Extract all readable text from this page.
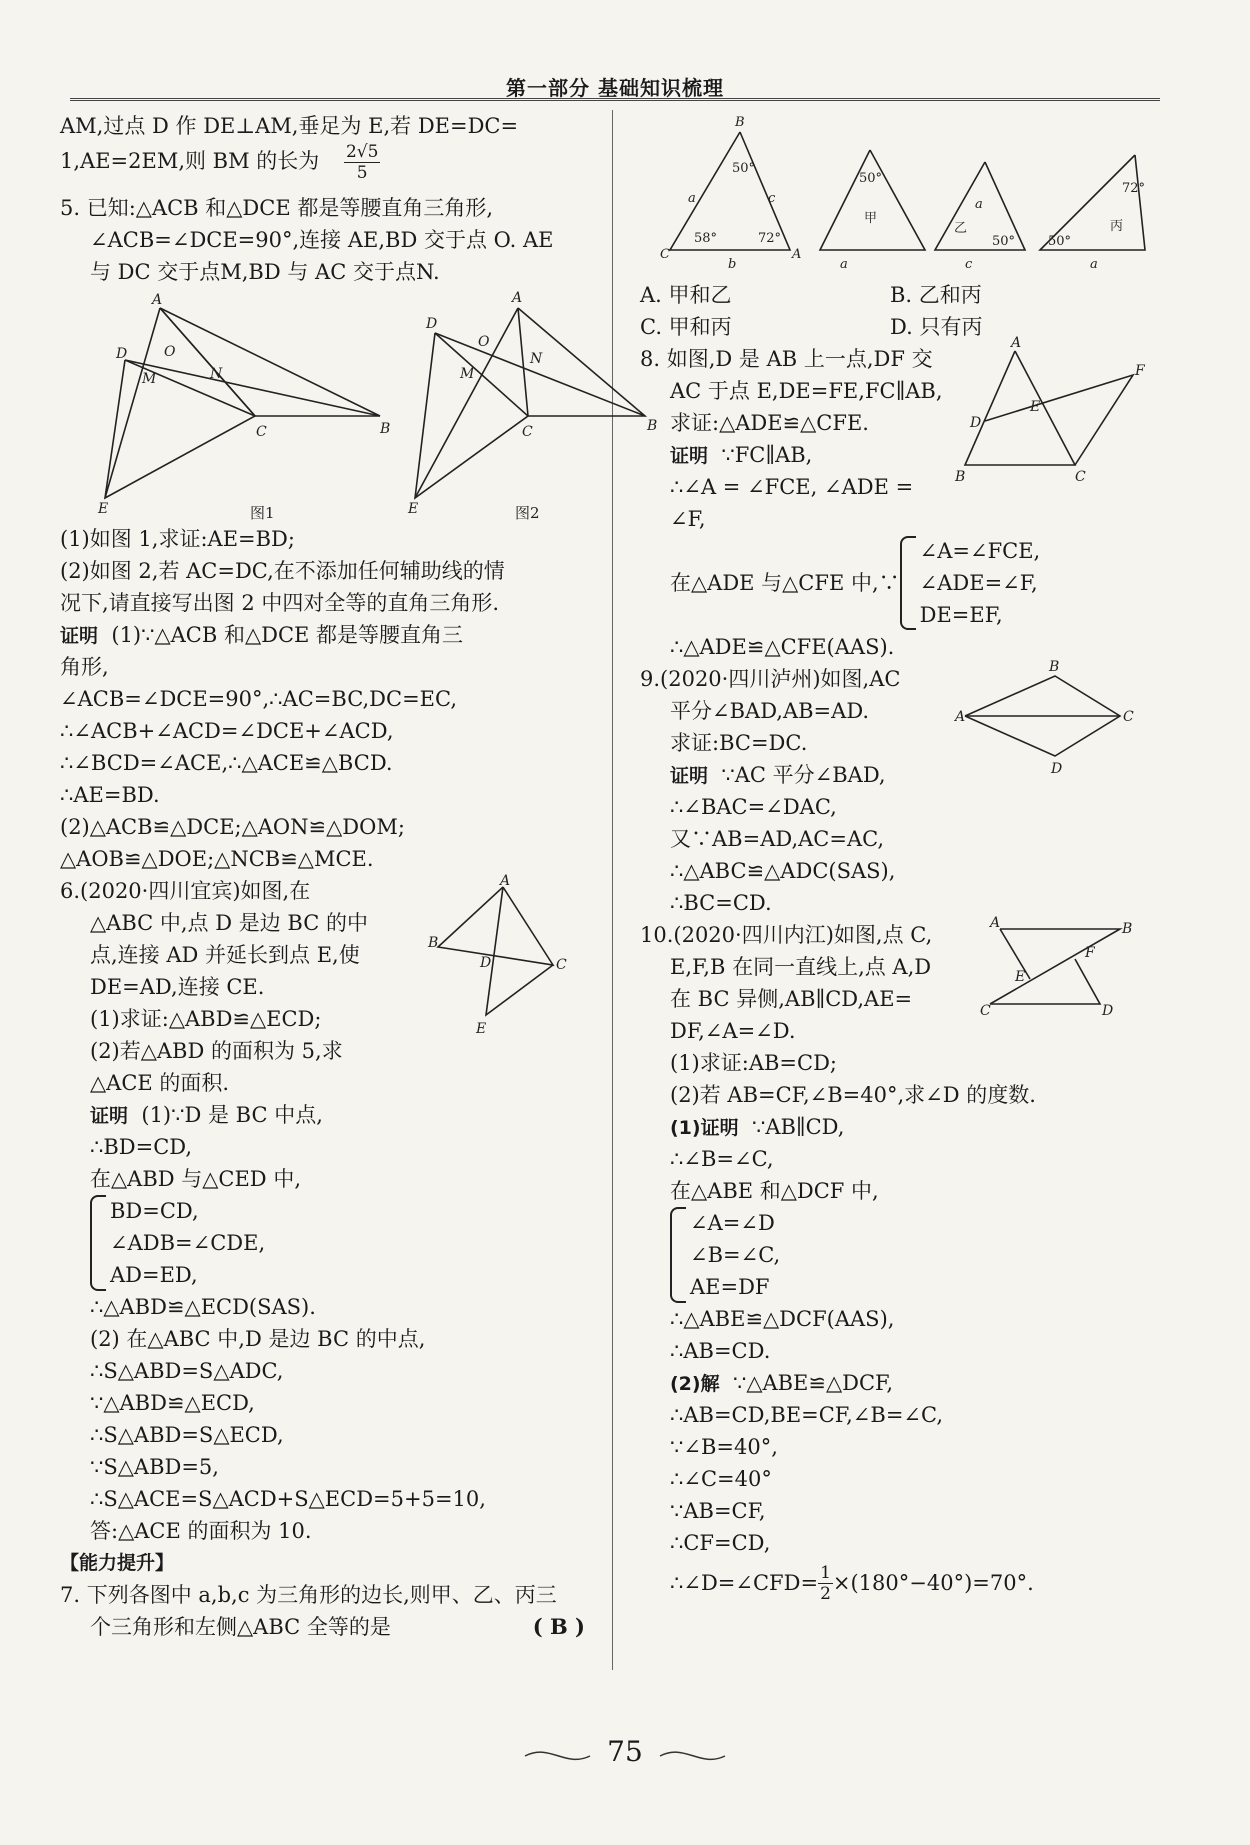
第一部分 基础知识梳理
AM,过点 D 作 DE⊥AM,垂足为 E,若 DE=DC=
1,AE=2EM,则 BM 的长为 $\frac{2√5}{5}$
5. 已知:△ACB 和△DCE 都是等腰直角三角形,
∠ACB=∠DCE=90°,连接 AE,BD 交于点 O. AE
与 DC 交于点M,BD 与 AC 交于点N.
A
D	O
M	N
C	B
E
A
D
O
M
N
C	B
E
图1	图2
(1)如图 1,求证:AE=BD;
(2)如图 2,若 AC=DC,在不添加任何辅助线的情
况下,请直接写出图 2 中四对全等的直角三角形.
证明 (1)∵△ACB 和△DCE 都是等腰直角三
角形,
∠ACB=∠DCE=90°,∴AC=BC,DC=EC,
∴∠ACB+∠ACD=∠DCE+∠ACD,
∴∠BCD=∠ACE,∴△ACE≌△BCD.
∴AE=BD.
(2)△ACB≌△DCE;△AON≌△DOM;
△AOB≌△DOE;△NCB≌△MCE.
A
B
D	C
E
6.(2020·四川宜宾)如图,在
△ABC 中,点 D 是边 BC 的中
点,连接 AD 并延长到点 E,使
DE=AD,连接 CE.
(1)求证:△ABD≌△ECD;
(2)若△ABD 的面积为 5,求
△ACE 的面积.
证明 (1)∵D 是 BC 中点,
∴BD=CD,
在△ABD 与△CED 中,
BD=CD,
∠ADB=∠CDE,
AD=ED,
∴△ABD≌△ECD(SAS).
(2) 在△ABC 中,D 是边 BC 的中点,
∴S△ABD=S△ADC,
∵△ABD≌△ECD,
∴S△ABD=S△ECD,
∵S△ABD=5,
∴S△ACE=S△ACD+S△ECD=5+5=10,
答:△ACE 的面积为 10.
【能力提升】
7. 下列各图中 a,b,c 为三角形的边长,则甲、乙、丙三
个三角形和左侧△ABC 全等的是	( B )
B
C	A
a	c
b	a	c
a
a
50°
58°	72°
50°
甲
乙
50°
72°
50°
丙
A. 甲和乙	B. 乙和丙
C. 甲和丙	D. 只有丙
A
F
E
D
B	C
8. 如图,D 是 AB 上一点,DF 交
AC 于点 E,DE=FE,FC∥AB,
求证:△ADE≌△CFE.
证明 ∵FC∥AB,
∴∠A = ∠FCE, ∠ADE =
∠F,
在△ADE 与△CFE 中,∵
∠A=∠FCE,
∠ADE=∠F,
DE=EF,
∴△ADE≌△CFE(AAS).
B
A	C
D
9.(2020·四川泸州)如图,AC
平分∠BAD,AB=AD.
求证:BC=DC.
证明 ∵AC 平分∠BAD,
∴∠BAC=∠DAC,
又∵AB=AD,AC=AC,
∴△ABC≌△ADC(SAS),
∴BC=CD.
A	B
F
E
C	D
10.(2020·四川内江)如图,点 C,
E,F,B 在同一直线上,点 A,D
在 BC 异侧,AB∥CD,AE=
DF,∠A=∠D.
(1)求证:AB=CD;
(2)若 AB=CF,∠B=40°,求∠D 的度数.
(1)证明 ∵AB∥CD,
∴∠B=∠C,
在△ABE 和△DCF 中,
∠A=∠D
∠B=∠C,
AE=DF
∴△ABE≌△DCF(AAS),
∴AB=CD.
(2)解 ∵△ABE≌△DCF,
∴AB=CD,BE=CF,∠B=∠C,
∵∠B=40°,
∴∠C=40°
∵AB=CF,
∴CF=CD,
∴∠D=∠CFD= $\frac{1}{2} \times(180^\circ-40^\circ)=70^\circ$.
75
